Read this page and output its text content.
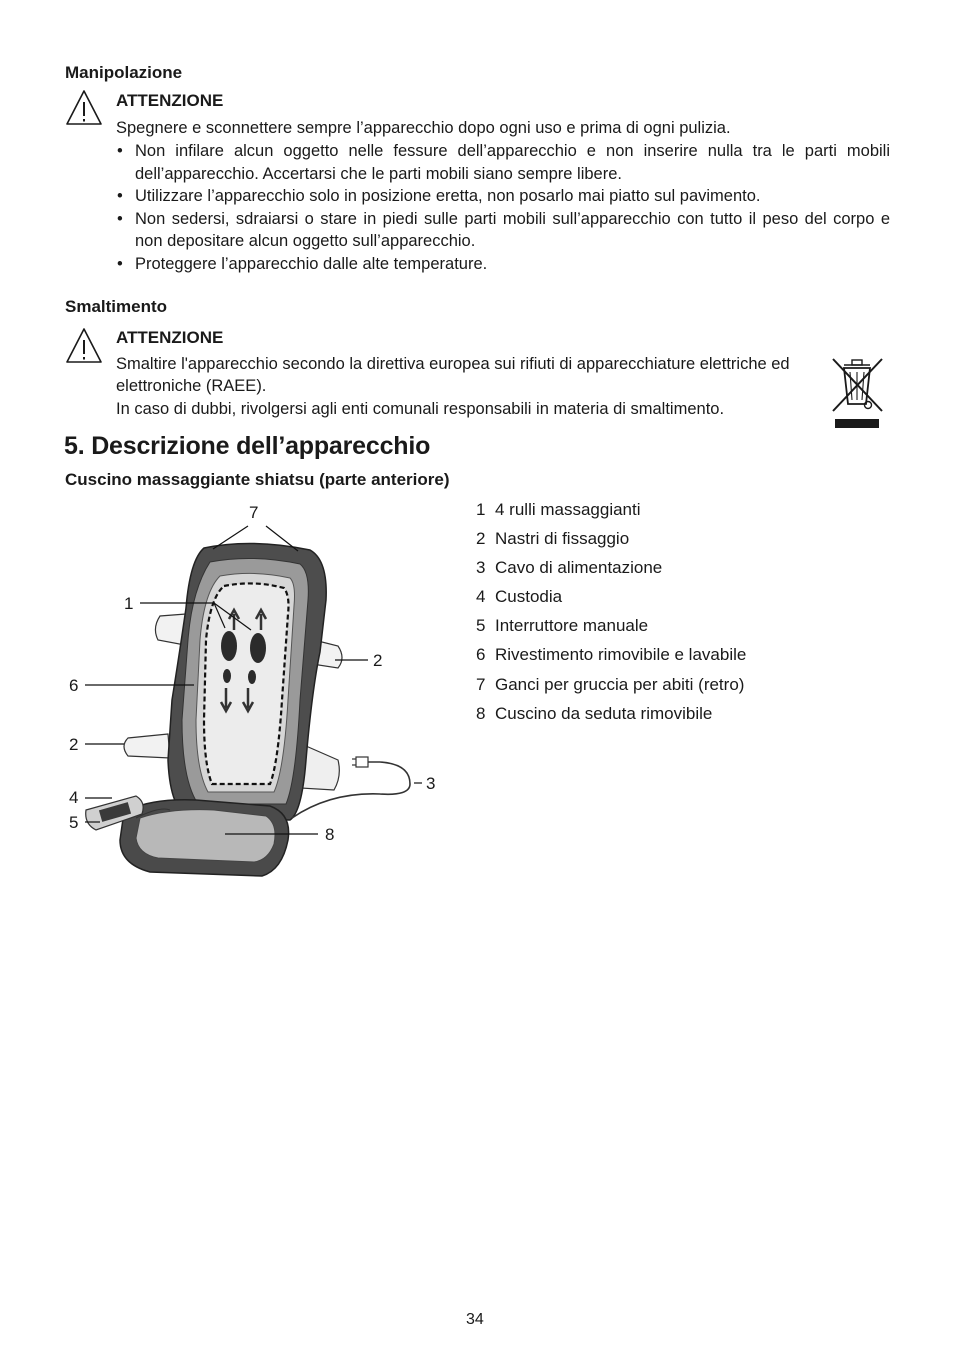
Manipolazione
ATTENZIONE
Spegnere e sconnettere sempre l’apparecchio dopo ogni uso e prima di ogni pulizia.
• Non infilare alcun oggetto nelle fessure dell’apparecchio e non inserire nulla tra le parti mobili dell’apparecchio. Accertarsi che le parti mobili siano sempre libere.
• Utilizzare l’apparecchio solo in posizione eretta, non posarlo mai piatto sul pavimento.
• Non sedersi, sdraiarsi o stare in piedi sulle parti mobili sull’apparecchio con tutto il peso del corpo e non depositare alcun oggetto sull’apparecchio.
• Proteggere l’apparecchio dalle alte temperature.
Smaltimento
ATTENZIONE
Smaltire l'apparecchio secondo la direttiva europea sui rifiuti di apparecchiature elettriche ed elettroniche (RAEE).
In caso di dubbi, rivolgersi agli enti comunali responsabili in materia di smaltimento.
5. Descrizione dell’apparecchio
Cuscino massaggiante shiatsu (parte anteriore)
7
1
2
6
2
3
4
5
8
1 4 rulli massaggianti
2 Nastri di fissaggio
3 Cavo di alimentazione
4 Custodia
5 Interruttore manuale
6 Rivestimento rimovibile e lavabile
7 Ganci per gruccia per abiti (retro)
8 Cuscino da seduta rimovibile
34
